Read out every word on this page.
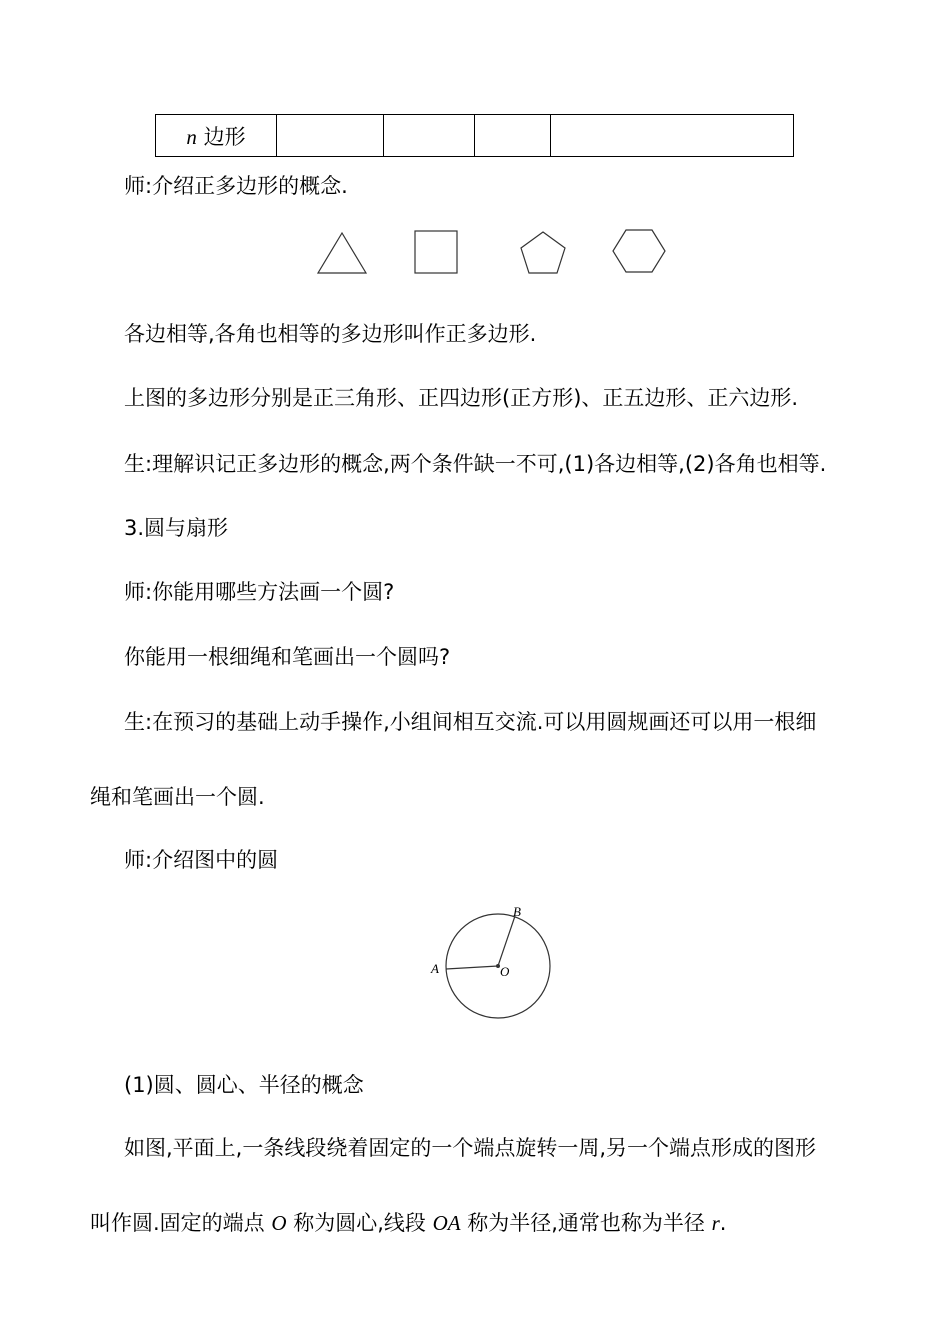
n 边形				

师:介绍正多边形的概念.

各边相等,各角也相等的多边形叫作正多边形.

上图的多边形分别是正三角形、正四边形(正方形)、正五边形、正六边形.

生:理解识记正多边形的概念,两个条件缺一不可,(1)各边相等,(2)各角也相等.

3.圆与扇形

师:你能用哪些方法画一个圆?

你能用一根细绳和笔画出一个圆吗?

生:在预习的基础上动手操作,小组间相互交流.可以用圆规画还可以用一根细

绳和笔画出一个圆.

师:介绍图中的圆

A
B
O

(1)圆、圆心、半径的概念

如图,平面上,一条线段绕着固定的一个端点旋转一周,另一个端点形成的图形

叫作圆.固定的端点 O 称为圆心,线段 OA 称为半径,通常也称为半径 r.
